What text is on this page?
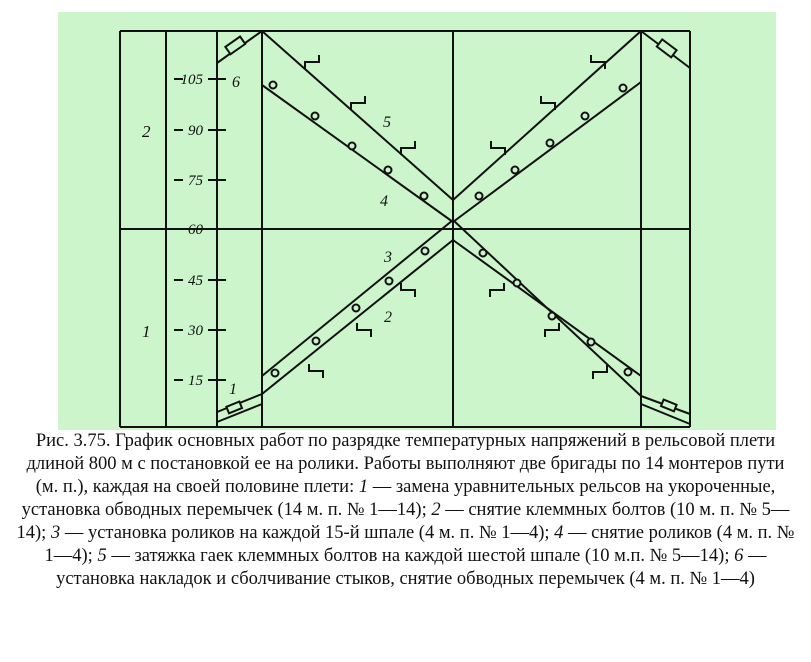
15
30
45
60
75
90
105
2
1
1
2
3
4
5
6
Рис. 3.75. График основных работ по разрядке температурных напряжений в рельсовой плети длиной 800 м с постановкой ее на ролики. Работы выполняют две бригады по 14 монтеров пути (м. п.), каждая на своей половине плети: 1 — замена уравнительных рельсов на укороченные, установка обводных перемычек (14 м. п. № 1—14); 2 — снятие клеммных болтов (10 м. п. № 5—14); 3 — установка роликов на каждой 15-й шпале (4 м. п. № 1—4); 4 — снятие роликов (4 м. п. № 1—4); 5 — затяжка гаек клеммных болтов на каждой шестой шпале (10 м.п. № 5—14); 6 — установка накладок и сболчивание стыков, снятие обводных перемычек (4 м. п. № 1—4)
